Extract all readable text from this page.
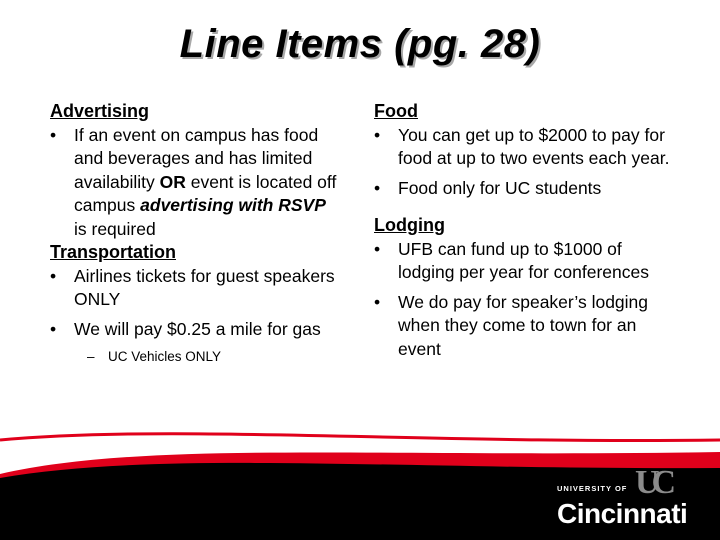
Line Items (pg. 28)
Advertising
• If an event on campus has food and beverages and has limited availability OR event is located off campus advertising with RSVP is required
Transportation
• Airlines tickets for guest speakers ONLY
• We will pay $0.25 a mile for gas
– UC Vehicles ONLY
Food
• You can get up to $2000 to pay for food at up to two events each year.
• Food only for UC students
Lodging
• UFB can fund up to $1000 of lodging per year for conferences
• We do pay for speaker’s lodging when they come to town for an event
UC
UNIVERSITY OF
Cincinnati
